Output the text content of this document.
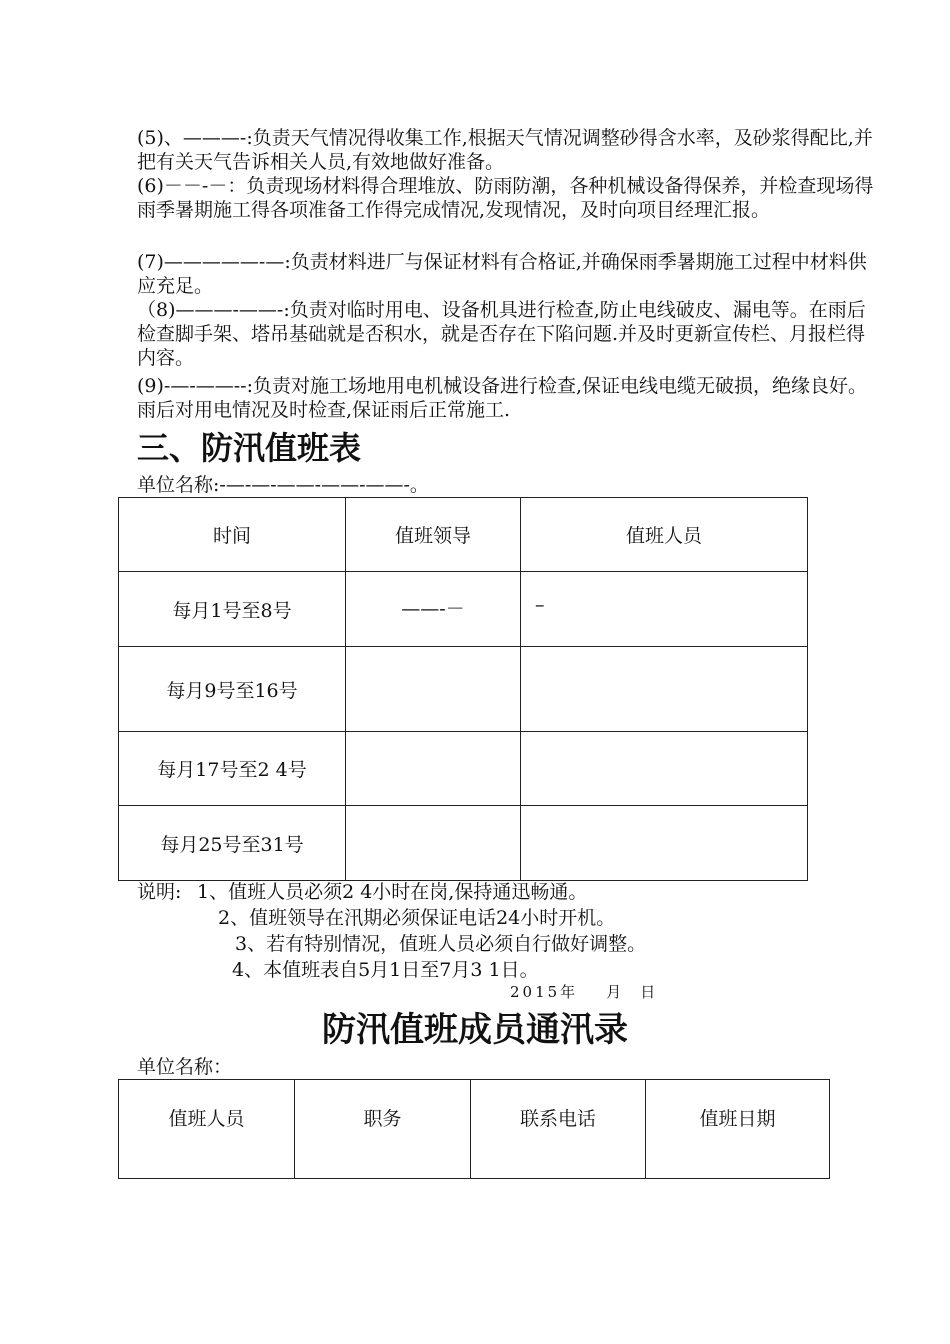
(5)、———-:负责天气情况得收集工作,根据天气情况调整砂得含水率，及砂浆得配比,并把有关天气告诉相关人员,有效地做好准备。

(6)－－-－：负责现场材料得合理堆放、防雨防潮，各种机械设备得保养，并检查现场得雨季暑期施工得各项准备工作得完成情况,发现情况，及时向项目经理汇报。

(7)—————-—:负责材料进厂与保证材料有合格证,并确保雨季暑期施工过程中材料供应充足。

（8)———-——-:负责对临时用电、设备机具进行检查,防止电线破皮、漏电等。在雨后检查脚手架、塔吊基础就是否积水，就是否存在下陷问题.并及时更新宣传栏、月报栏得内容。

(9)-—-——--:负责对施工场地用电机械设备进行检查,保证电线电缆无破损，绝缘良好。雨后对用电情况及时检查,保证雨后正常施工.

三、防汛值班表

单位名称:-—-—-——-——-——-。

时间	值班领导	值班人员
每月1号至8号	——-－	–
每月9号至16号		
每月17号至2 4号		
每月25号至31号		

说明: 1、值班人员必须2 4小时在岗,保持通迅畅通。

2、值班领导在汛期必须保证电话24小时开机。

3、若有特别情况，值班人员必须自行做好调整。

4、本值班表自5月1日至7月3 1日。

2015年 月 日

防汛值班成员通汛录

单位名称：

值班人员	职务	联系电话	值班日期
